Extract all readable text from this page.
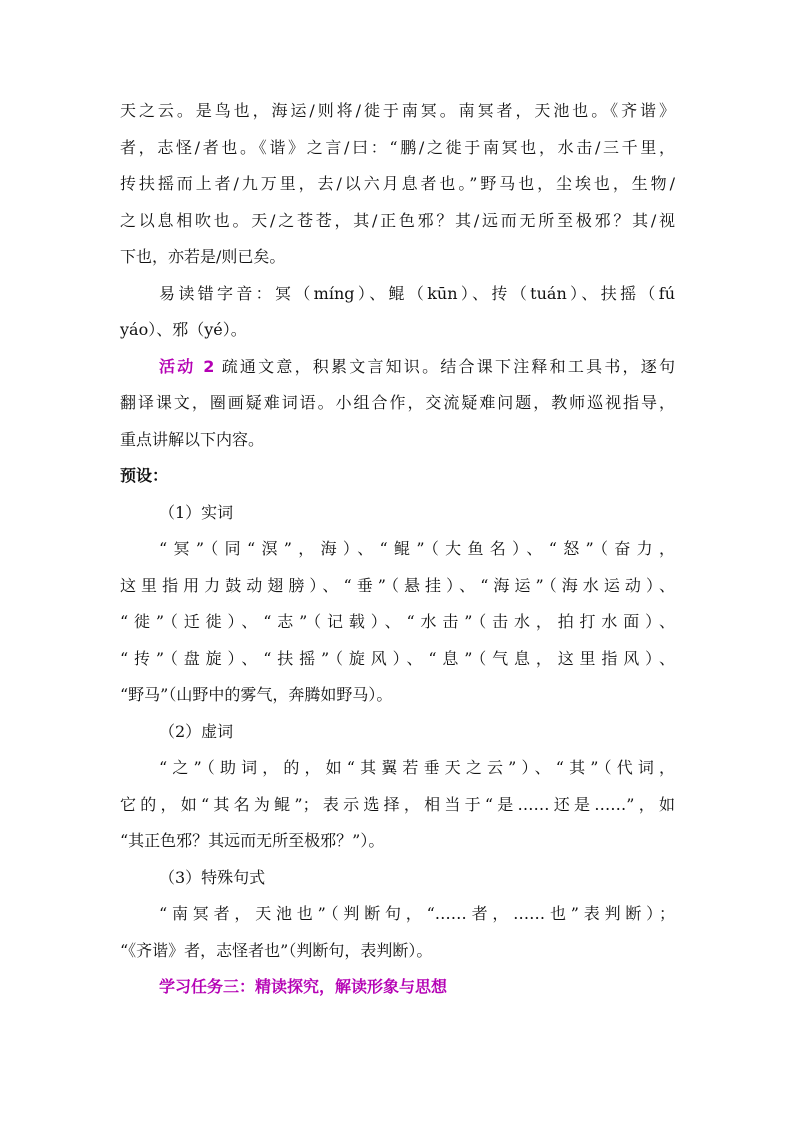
天之云。是鸟也，海运/则将/徙于南冥。南冥者，天池也。《齐谐》

者，志怪/者也。《谐》之言/曰：“鹏/之徙于南冥也，水击/三千里，

抟扶摇而上者/九万里，去/以六月息者也。”野马也，尘埃也，生物/

之以息相吹也。天/之苍苍，其/正色邪？其/远而无所至极邪？其/视

下也，亦若是/则已矣。

易读错字音：冥（míng）、鲲（kūn）、抟（tuán）、扶摇（fú

yáo）、邪（yé）。

活动 2 疏通文意，积累文言知识。结合课下注释和工具书，逐句

翻译课文，圈画疑难词语。小组合作，交流疑难问题，教师巡视指导，

重点讲解以下内容。

预设：

（1）实词

“冥”（同“溟”，海）、“鲲”（大鱼名）、“怒”（奋力，

这里指用力鼓动翅膀）、“垂”（悬挂）、“海运”（海水运动）、

“徙”（迁徙）、“志”（记载）、“水击”（击水，拍打水面）、

“抟”（盘旋）、“扶摇”（旋风）、“息”（气息，这里指风）、

“野马”（山野中的雾气，奔腾如野马）。

（2）虚词

“之”（助词，的，如“其翼若垂天之云”）、“其”（代词，

它的，如“其名为鲲”；表示选择，相当于“是……还是……”，如

“其正色邪？其远而无所至极邪？”）。

（3）特殊句式

“南冥者，天池也”（判断句，“……者，……也”表判断）；

“《齐谐》者，志怪者也”（判断句，表判断）。

学习任务三：精读探究，解读形象与思想
